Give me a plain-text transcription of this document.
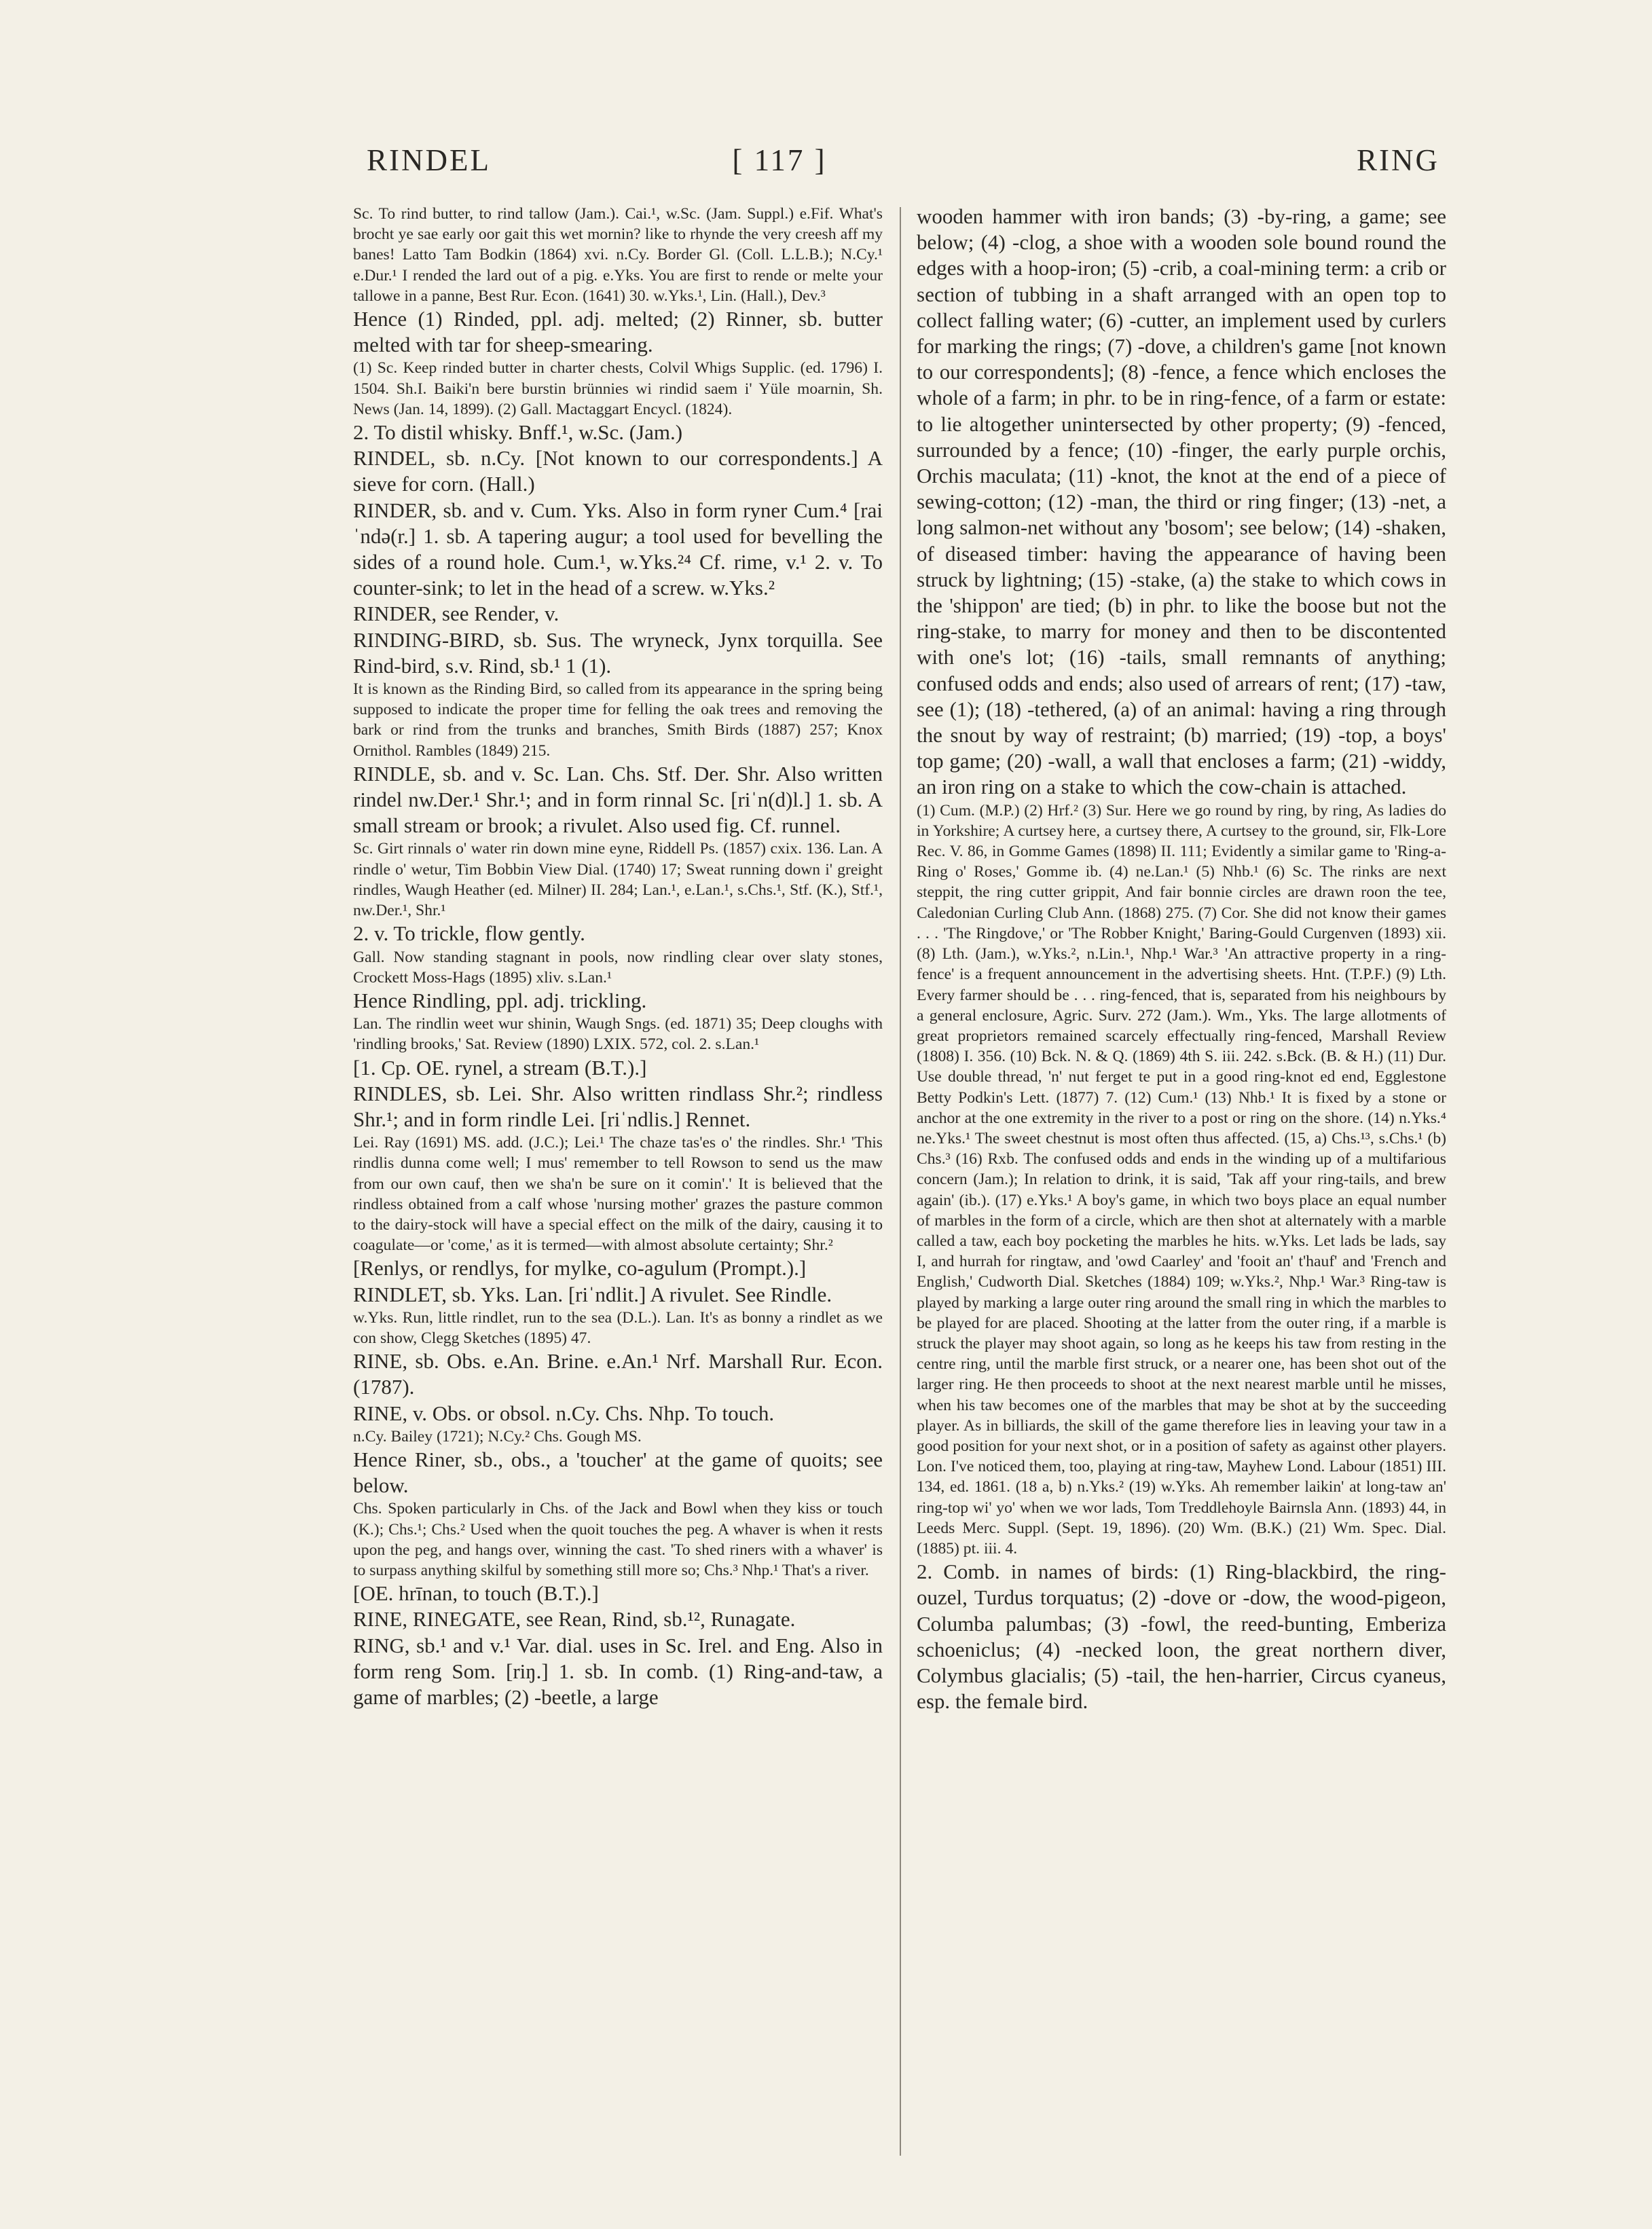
RINDEL	[ 117 ]	RING

Sc. To rind butter, to rind tallow (Jam.). Cai.¹, w.Sc. (Jam. Suppl.) e.Fif. What's brocht ye sae early oor gait this wet mornin? like to rhynde the very creesh aff my banes! Latto Tam Bodkin (1864) xvi. n.Cy. Border Gl. (Coll. L.L.B.); N.Cy.¹ e.Dur.¹ I rended the lard out of a pig. e.Yks. You are first to rende or melte your tallowe in a panne, Best Rur. Econ. (1641) 30. w.Yks.¹, Lin. (Hall.), Dev.³

Hence (1) Rinded, ppl. adj. melted; (2) Rinner, sb. butter melted with tar for sheep-smearing.

(1) Sc. Keep rinded butter in charter chests, Colvil Whigs Supplic. (ed. 1796) I. 1504. Sh.I. Baiki'n bere burstin brünnies wi rindid saem i' Yüle moarnin, Sh. News (Jan. 14, 1899). (2) Gall. Mactaggart Encycl. (1824).

2. To distil whisky. Bnff.¹, w.Sc. (Jam.)

RINDEL, sb. n.Cy. [Not known to our correspondents.] A sieve for corn. (Hall.)

RINDER, sb. and v. Cum. Yks. Also in form ryner Cum.⁴ [raiˈndə(r.] 1. sb. A tapering augur; a tool used for bevelling the sides of a round hole. Cum.¹, w.Yks.²⁴ Cf. rime, v.¹ 2. v. To counter-sink; to let in the head of a screw. w.Yks.²

RINDER, see Render, v.

RINDING-BIRD, sb. Sus. The wryneck, Jynx torquilla. See Rind-bird, s.v. Rind, sb.¹ 1 (1).

It is known as the Rinding Bird, so called from its appearance in the spring being supposed to indicate the proper time for felling the oak trees and removing the bark or rind from the trunks and branches, Smith Birds (1887) 257; Knox Ornithol. Rambles (1849) 215.

RINDLE, sb. and v. Sc. Lan. Chs. Stf. Der. Shr. Also written rindel nw.Der.¹ Shr.¹; and in form rinnal Sc. [riˈn(d)l.] 1. sb. A small stream or brook; a rivulet. Also used fig. Cf. runnel.

Sc. Girt rinnals o' water rin down mine eyne, Riddell Ps. (1857) cxix. 136. Lan. A rindle o' wetur, Tim Bobbin View Dial. (1740) 17; Sweat running down i' greight rindles, Waugh Heather (ed. Milner) II. 284; Lan.¹, e.Lan.¹, s.Chs.¹, Stf. (K.), Stf.¹, nw.Der.¹, Shr.¹

2. v. To trickle, flow gently.

Gall. Now standing stagnant in pools, now rindling clear over slaty stones, Crockett Moss-Hags (1895) xliv. s.Lan.¹

Hence Rindling, ppl. adj. trickling.

Lan. The rindlin weet wur shinin, Waugh Sngs. (ed. 1871) 35; Deep cloughs with 'rindling brooks,' Sat. Review (1890) LXIX. 572, col. 2. s.Lan.¹

[1. Cp. OE. rynel, a stream (B.T.).]

RINDLES, sb. Lei. Shr. Also written rindlass Shr.²; rindless Shr.¹; and in form rindle Lei. [riˈndlis.] Rennet.

Lei. Ray (1691) MS. add. (J.C.); Lei.¹ The chaze tas'es o' the rindles. Shr.¹ 'This rindlis dunna come well; I mus' remember to tell Rowson to send us the maw from our own cauf, then we sha'n be sure on it comin'.' It is believed that the rindless obtained from a calf whose 'nursing mother' grazes the pasture common to the dairy-stock will have a special effect on the milk of the dairy, causing it to coagulate—or 'come,' as it is termed—with almost absolute certainty; Shr.²

[Renlys, or rendlys, for mylke, co-agulum (Prompt.).]

RINDLET, sb. Yks. Lan. [riˈndlit.] A rivulet. See Rindle.

w.Yks. Run, little rindlet, run to the sea (D.L.). Lan. It's as bonny a rindlet as we con show, Clegg Sketches (1895) 47.

RINE, sb. Obs. e.An. Brine. e.An.¹ Nrf. Marshall Rur. Econ. (1787).

RINE, v. Obs. or obsol. n.Cy. Chs. Nhp. To touch.

n.Cy. Bailey (1721); N.Cy.² Chs. Gough MS.

Hence Riner, sb., obs., a 'toucher' at the game of quoits; see below.

Chs. Spoken particularly in Chs. of the Jack and Bowl when they kiss or touch (K.); Chs.¹; Chs.² Used when the quoit touches the peg. A whaver is when it rests upon the peg, and hangs over, winning the cast. 'To shed riners with a whaver' is to surpass anything skilful by something still more so; Chs.³ Nhp.¹ That's a river.

[OE. hrīnan, to touch (B.T.).]

RINE, RINEGATE, see Rean, Rind, sb.¹², Runagate.

RING, sb.¹ and v.¹ Var. dial. uses in Sc. Irel. and Eng. Also in form reng Som. [riŋ.] 1. sb. In comb. (1) Ring-and-taw, a game of marbles; (2) -beetle, a large

wooden hammer with iron bands; (3) -by-ring, a game; see below; (4) -clog, a shoe with a wooden sole bound round the edges with a hoop-iron; (5) -crib, a coal-mining term: a crib or section of tubbing in a shaft arranged with an open top to collect falling water; (6) -cutter, an implement used by curlers for marking the rings; (7) -dove, a children's game [not known to our correspondents]; (8) -fence, a fence which encloses the whole of a farm; in phr. to be in ring-fence, of a farm or estate: to lie altogether unintersected by other property; (9) -fenced, surrounded by a fence; (10) -finger, the early purple orchis, Orchis maculata; (11) -knot, the knot at the end of a piece of sewing-cotton; (12) -man, the third or ring finger; (13) -net, a long salmon-net without any 'bosom'; see below; (14) -shaken, of diseased timber: having the appearance of having been struck by lightning; (15) -stake, (a) the stake to which cows in the 'shippon' are tied; (b) in phr. to like the boose but not the ring-stake, to marry for money and then to be discontented with one's lot; (16) -tails, small remnants of anything; confused odds and ends; also used of arrears of rent; (17) -taw, see (1); (18) -tethered, (a) of an animal: having a ring through the snout by way of restraint; (b) married; (19) -top, a boys' top game; (20) -wall, a wall that encloses a farm; (21) -widdy, an iron ring on a stake to which the cow-chain is attached.

(1) Cum. (M.P.) (2) Hrf.² (3) Sur. Here we go round by ring, by ring, As ladies do in Yorkshire; A curtsey here, a curtsey there, A curtsey to the ground, sir, Flk-Lore Rec. V. 86, in Gomme Games (1898) II. 111; Evidently a similar game to 'Ring-a-Ring o' Roses,' Gomme ib. (4) ne.Lan.¹ (5) Nhb.¹ (6) Sc. The rinks are next steppit, the ring cutter grippit, And fair bonnie circles are drawn roon the tee, Caledonian Curling Club Ann. (1868) 275. (7) Cor. She did not know their games . . . 'The Ringdove,' or 'The Robber Knight,' Baring-Gould Curgenven (1893) xii. (8) Lth. (Jam.), w.Yks.², n.Lin.¹, Nhp.¹ War.³ 'An attractive property in a ring-fence' is a frequent announcement in the advertising sheets. Hnt. (T.P.F.) (9) Lth. Every farmer should be . . . ring-fenced, that is, separated from his neighbours by a general enclosure, Agric. Surv. 272 (Jam.). Wm., Yks. The large allotments of great proprietors remained scarcely effectually ring-fenced, Marshall Review (1808) I. 356. (10) Bck. N. & Q. (1869) 4th S. iii. 242. s.Bck. (B. & H.) (11) Dur. Use double thread, 'n' nut ferget te put in a good ring-knot ed end, Egglestone Betty Podkin's Lett. (1877) 7. (12) Cum.¹ (13) Nhb.¹ It is fixed by a stone or anchor at the one extremity in the river to a post or ring on the shore. (14) n.Yks.⁴ ne.Yks.¹ The sweet chestnut is most often thus affected. (15, a) Chs.¹³, s.Chs.¹ (b) Chs.³ (16) Rxb. The confused odds and ends in the winding up of a multifarious concern (Jam.); In relation to drink, it is said, 'Tak aff your ring-tails, and brew again' (ib.). (17) e.Yks.¹ A boy's game, in which two boys place an equal number of marbles in the form of a circle, which are then shot at alternately with a marble called a taw, each boy pocketing the marbles he hits. w.Yks. Let lads be lads, say I, and hurrah for ringtaw, and 'owd Caarley' and 'fooit an' t'hauf' and 'French and English,' Cudworth Dial. Sketches (1884) 109; w.Yks.², Nhp.¹ War.³ Ring-taw is played by marking a large outer ring around the small ring in which the marbles to be played for are placed. Shooting at the latter from the outer ring, if a marble is struck the player may shoot again, so long as he keeps his taw from resting in the centre ring, until the marble first struck, or a nearer one, has been shot out of the larger ring. He then proceeds to shoot at the next nearest marble until he misses, when his taw becomes one of the marbles that may be shot at by the succeeding player. As in billiards, the skill of the game therefore lies in leaving your taw in a good position for your next shot, or in a position of safety as against other players. Lon. I've noticed them, too, playing at ring-taw, Mayhew Lond. Labour (1851) III. 134, ed. 1861. (18 a, b) n.Yks.² (19) w.Yks. Ah remember laikin' at long-taw an' ring-top wi' yo' when we wor lads, Tom Treddlehoyle Bairnsla Ann. (1893) 44, in Leeds Merc. Suppl. (Sept. 19, 1896). (20) Wm. (B.K.) (21) Wm. Spec. Dial. (1885) pt. iii. 4.

2. Comb. in names of birds: (1) Ring-blackbird, the ring-ouzel, Turdus torquatus; (2) -dove or -dow, the wood-pigeon, Columba palumbas; (3) -fowl, the reed-bunting, Emberiza schoeniclus; (4) -necked loon, the great northern diver, Colymbus glacialis; (5) -tail, the hen-harrier, Circus cyaneus, esp. the female bird.
